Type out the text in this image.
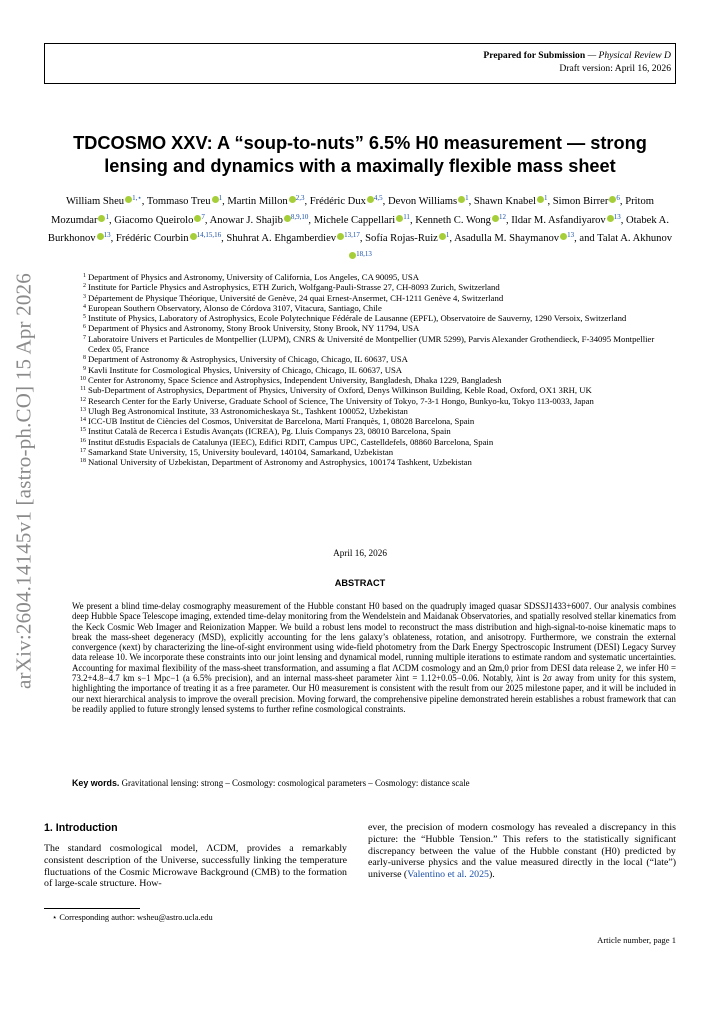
Prepared for Submission — Physical Review D
Draft version: April 16, 2026
arXiv:2604.14145v1 [astro-ph.CO] 15 Apr 2026
TDCOSMO XXV: A “soup-to-nuts” 6.5% H0 measurement — strong lensing and dynamics with a maximally flexible mass sheet
William Sheu $^{1,⋆}$, Tommaso Treu $^1$, Martin Millon $^{2,3}$, Frédéric Dux $^{4,5}$, Devon Williams $^1$, Shawn Knabel $^1$, Simon Birrer $^6$, Pritom Mozumdar $^1$, Giacomo Queirolo $^7$, Anowar J. Shajib $^{8,9,10}$, Michele Cappellari $^{11}$, Kenneth C. Wong $^{12}$, Ildar M. Asfandiyarov $^{13}$, Otabek A. Burkhonov $^{13}$, Frédéric Courbin $^{14,15,16}$, Shuhrat A. Ehgamberdiev $^{13,17}$, Sofía Rojas-Ruiz $^1$, Asadulla M. Shaymanov $^{13}$, and Talat A. Akhunov$^{18,13}$
1 Department of Physics and Astronomy, University of California, Los Angeles, CA 90095, USA
2 Institute for Particle Physics and Astrophysics, ETH Zurich, Wolfgang-Pauli-Strasse 27, CH-8093 Zurich, Switzerland
3 Département de Physique Théorique, Université de Genève, 24 quai Ernest-Ansermet, CH-1211 Genève 4, Switzerland
4 European Southern Observatory, Alonso de Córdova 3107, Vitacura, Santiago, Chile
5 Institute of Physics, Laboratory of Astrophysics, Ecole Polytechnique Fédérale de Lausanne (EPFL), Observatoire de Sauverny, 1290 Versoix, Switzerland
6 Department of Physics and Astronomy, Stony Brook University, Stony Brook, NY 11794, USA
7 Laboratoire Univers et Particules de Montpellier (LUPM), CNRS & Université de Montpellier (UMR 5299), Parvis Alexander Grothendieck, F-34095 Montpellier Cedex 05, France
8 Department of Astronomy & Astrophysics, University of Chicago, Chicago, IL 60637, USA
9 Kavli Institute for Cosmological Physics, University of Chicago, Chicago, IL 60637, USA
10 Center for Astronomy, Space Science and Astrophysics, Independent University, Bangladesh, Dhaka 1229, Bangladesh
11 Sub-Department of Astrophysics, Department of Physics, University of Oxford, Denys Wilkinson Building, Keble Road, Oxford, OX1 3RH, UK
12 Research Center for the Early Universe, Graduate School of Science, The University of Tokyo, 7-3-1 Hongo, Bunkyo-ku, Tokyo 113-0033, Japan
13 Ulugh Beg Astronomical Institute, 33 Astronomicheskaya St., Tashkent 100052, Uzbekistan
14 ICC-UB Institut de Ciències del Cosmos, Universitat de Barcelona, Martí Franquès, 1, 08028 Barcelona, Spain
15 Institut Català de Recerca i Estudis Avançats (ICREA), Pg. Lluís Companys 23, 08010 Barcelona, Spain
16 Institut dEstudis Espacials de Catalunya (IEEC), Edifici RDIT, Campus UPC, Castelldefels, 08860 Barcelona, Spain
17 Samarkand State University, 15, University boulevard, 140104, Samarkand, Uzbekistan
18 National University of Uzbekistan, Department of Astronomy and Astrophysics, 100174 Tashkent, Uzbekistan
April 16, 2026
ABSTRACT
We present a blind time-delay cosmography measurement of the Hubble constant H0 based on the quadruply imaged quasar SDSSJ1433+6007. Our analysis combines deep Hubble Space Telescope imaging, extended time-delay monitoring from the Wendelstein and Maidanak Observatories, and spatially resolved stellar kinematics from the Keck Cosmic Web Imager and Reionization Mapper. We build a robust lens model to reconstruct the mass distribution and high-signal-to-noise kinematic maps to break the mass-sheet degeneracy (MSD), explicitly accounting for the lens galaxy’s oblateness, rotation, and anisotropy. Furthermore, we constrain the external convergence (κext) by characterizing the line-of-sight environment using wide-field photometry from the Dark Energy Spectroscopic Instrument (DESI) Legacy Survey data release 10. We incorporate these constraints into our joint lensing and dynamical model, running multiple iterations to estimate random and systematic uncertainties. Accounting for maximal flexibility of the mass-sheet transformation, and assuming a flat ΛCDM cosmology and an Ωm,0 prior from DESI data release 2, we infer H0 = 73.2+4.8−4.7 km s−1 Mpc−1 (a 6.5% precision), and an internal mass-sheet parameter λint = 1.12+0.05−0.06. Notably, λint is 2σ away from unity for this system, highlighting the importance of treating it as a free parameter. Our H0 measurement is consistent with the result from our 2025 milestone paper, and it will be included in our next hierarchical analysis to improve the overall precision. Moving forward, the comprehensive pipeline demonstrated herein establishes a robust framework that can be readily applied to future strongly lensed systems to further refine cosmological constraints.
Key words. Gravitational lensing: strong – Cosmology: cosmological parameters – Cosmology: distance scale
1. Introduction
The standard cosmological model, ΛCDM, provides a remarkably consistent description of the Universe, successfully linking the temperature fluctuations of the Cosmic Microwave Background (CMB) to the formation of large-scale structure. How-
ever, the precision of modern cosmology has revealed a discrepancy in this picture: the “Hubble Tension.” This refers to the statistically significant discrepancy between the value of the Hubble constant (H0) predicted by early-universe physics and the value measured directly in the local (“late”) universe (Valentino et al. 2025).
⋆ Corresponding author: wsheu@astro.ucla.edu
Article number, page 1
